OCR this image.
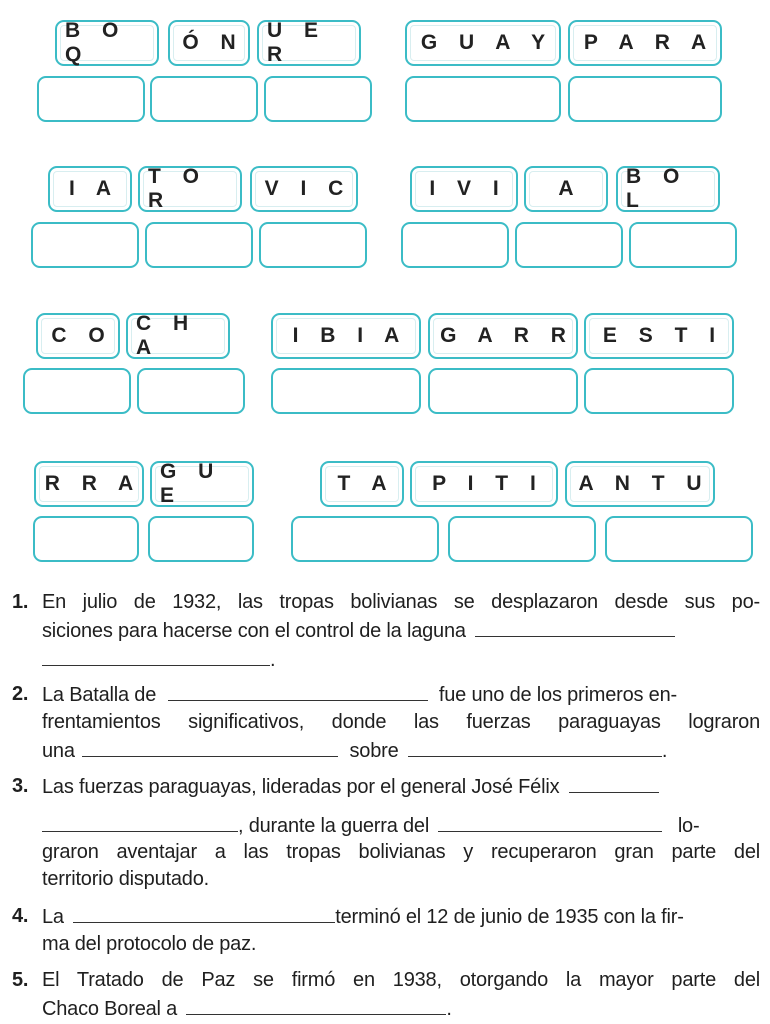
B O Q
Ó N
U E R
G U A Y	P A R A
I A
T O R
V I C	I V I	A
B O L
C O
C H A
I B I A	G A R R	E S T I
R R A
G U E
T A	P I T I	A N T U
1. En julio de 1932, las tropas bolivianas se desplazaron desde sus po-
siciones para hacerse con el control de la laguna
.
2. La Batalla de	fue uno de los primeros en-
frentamientos significativos, donde las fuerzas paraguayas lograron
una	sobre	.
3. Las fuerzas paraguayas, lideradas por el general José Félix
, durante la guerra del	lo-
graron aventajar a las tropas bolivianas y recuperaron gran parte del
territorio disputado.
4. La	terminó el 12 de junio de 1935 con la fir-
ma del protocolo de paz.
5. El Tratado de Paz se firmó en 1938, otorgando la mayor parte del
Chaco Boreal a	.
